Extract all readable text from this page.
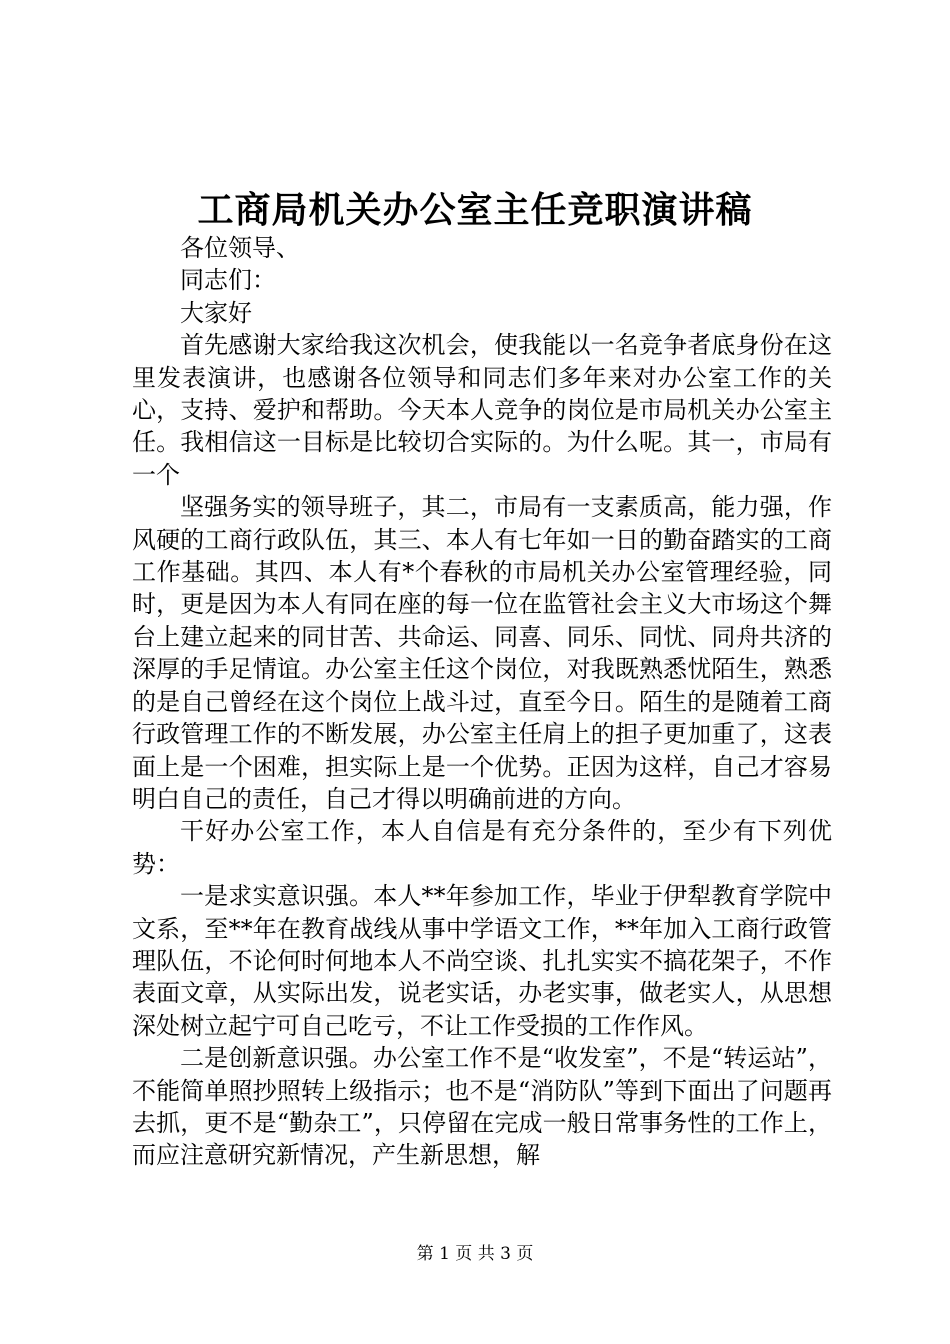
工商局机关办公室主任竞职演讲稿

各位领导、

同志们：

大家好

首先感谢大家给我这次机会，使我能以一名竞争者底身份在这里发表演讲，也感谢各位领导和同志们多年来对办公室工作的关心，支持、爱护和帮助。今天本人竞争的岗位是市局机关办公室主任。我相信这一目标是比较切合实际的。为什么呢。其一，市局有一个

坚强务实的领导班子，其二，市局有一支素质高，能力强，作风硬的工商行政队伍，其三、本人有七年如一日的勤奋踏实的工商工作基础。其四、本人有*个春秋的市局机关办公室管理经验，同时，更是因为本人有同在座的每一位在监管社会主义大市场这个舞台上建立起来的同甘苦、共命运、同喜、同乐、同忧、同舟共济的深厚的手足情谊。办公室主任这个岗位，对我既熟悉忧陌生，熟悉的是自己曾经在这个岗位上战斗过，直至今日。陌生的是随着工商行政管理工作的不断发展，办公室主任肩上的担子更加重了，这表面上是一个困难，担实际上是一个优势。正因为这样，自己才容易明白自己的责任，自己才得以明确前进的方向。

干好办公室工作，本人自信是有充分条件的，至少有下列优势：

一是求实意识强。本人**年参加工作，毕业于伊犁教育学院中文系，至**年在教育战线从事中学语文工作，**年加入工商行政管理队伍，不论何时何地本人不尚空谈、扎扎实实不搞花架子，不作表面文章，从实际出发，说老实话，办老实事，做老实人，从思想深处树立起宁可自己吃亏，不让工作受损的工作作风。

二是创新意识强。办公室工作不是“收发室”，不是“转运站”，不能简单照抄照转上级指示；也不是“消防队”等到下面出了问题再去抓，更不是“勤杂工”，只停留在完成一般日常事务性的工作上，而应注意研究新情况，产生新思想，解

第 1 页 共 3 页
